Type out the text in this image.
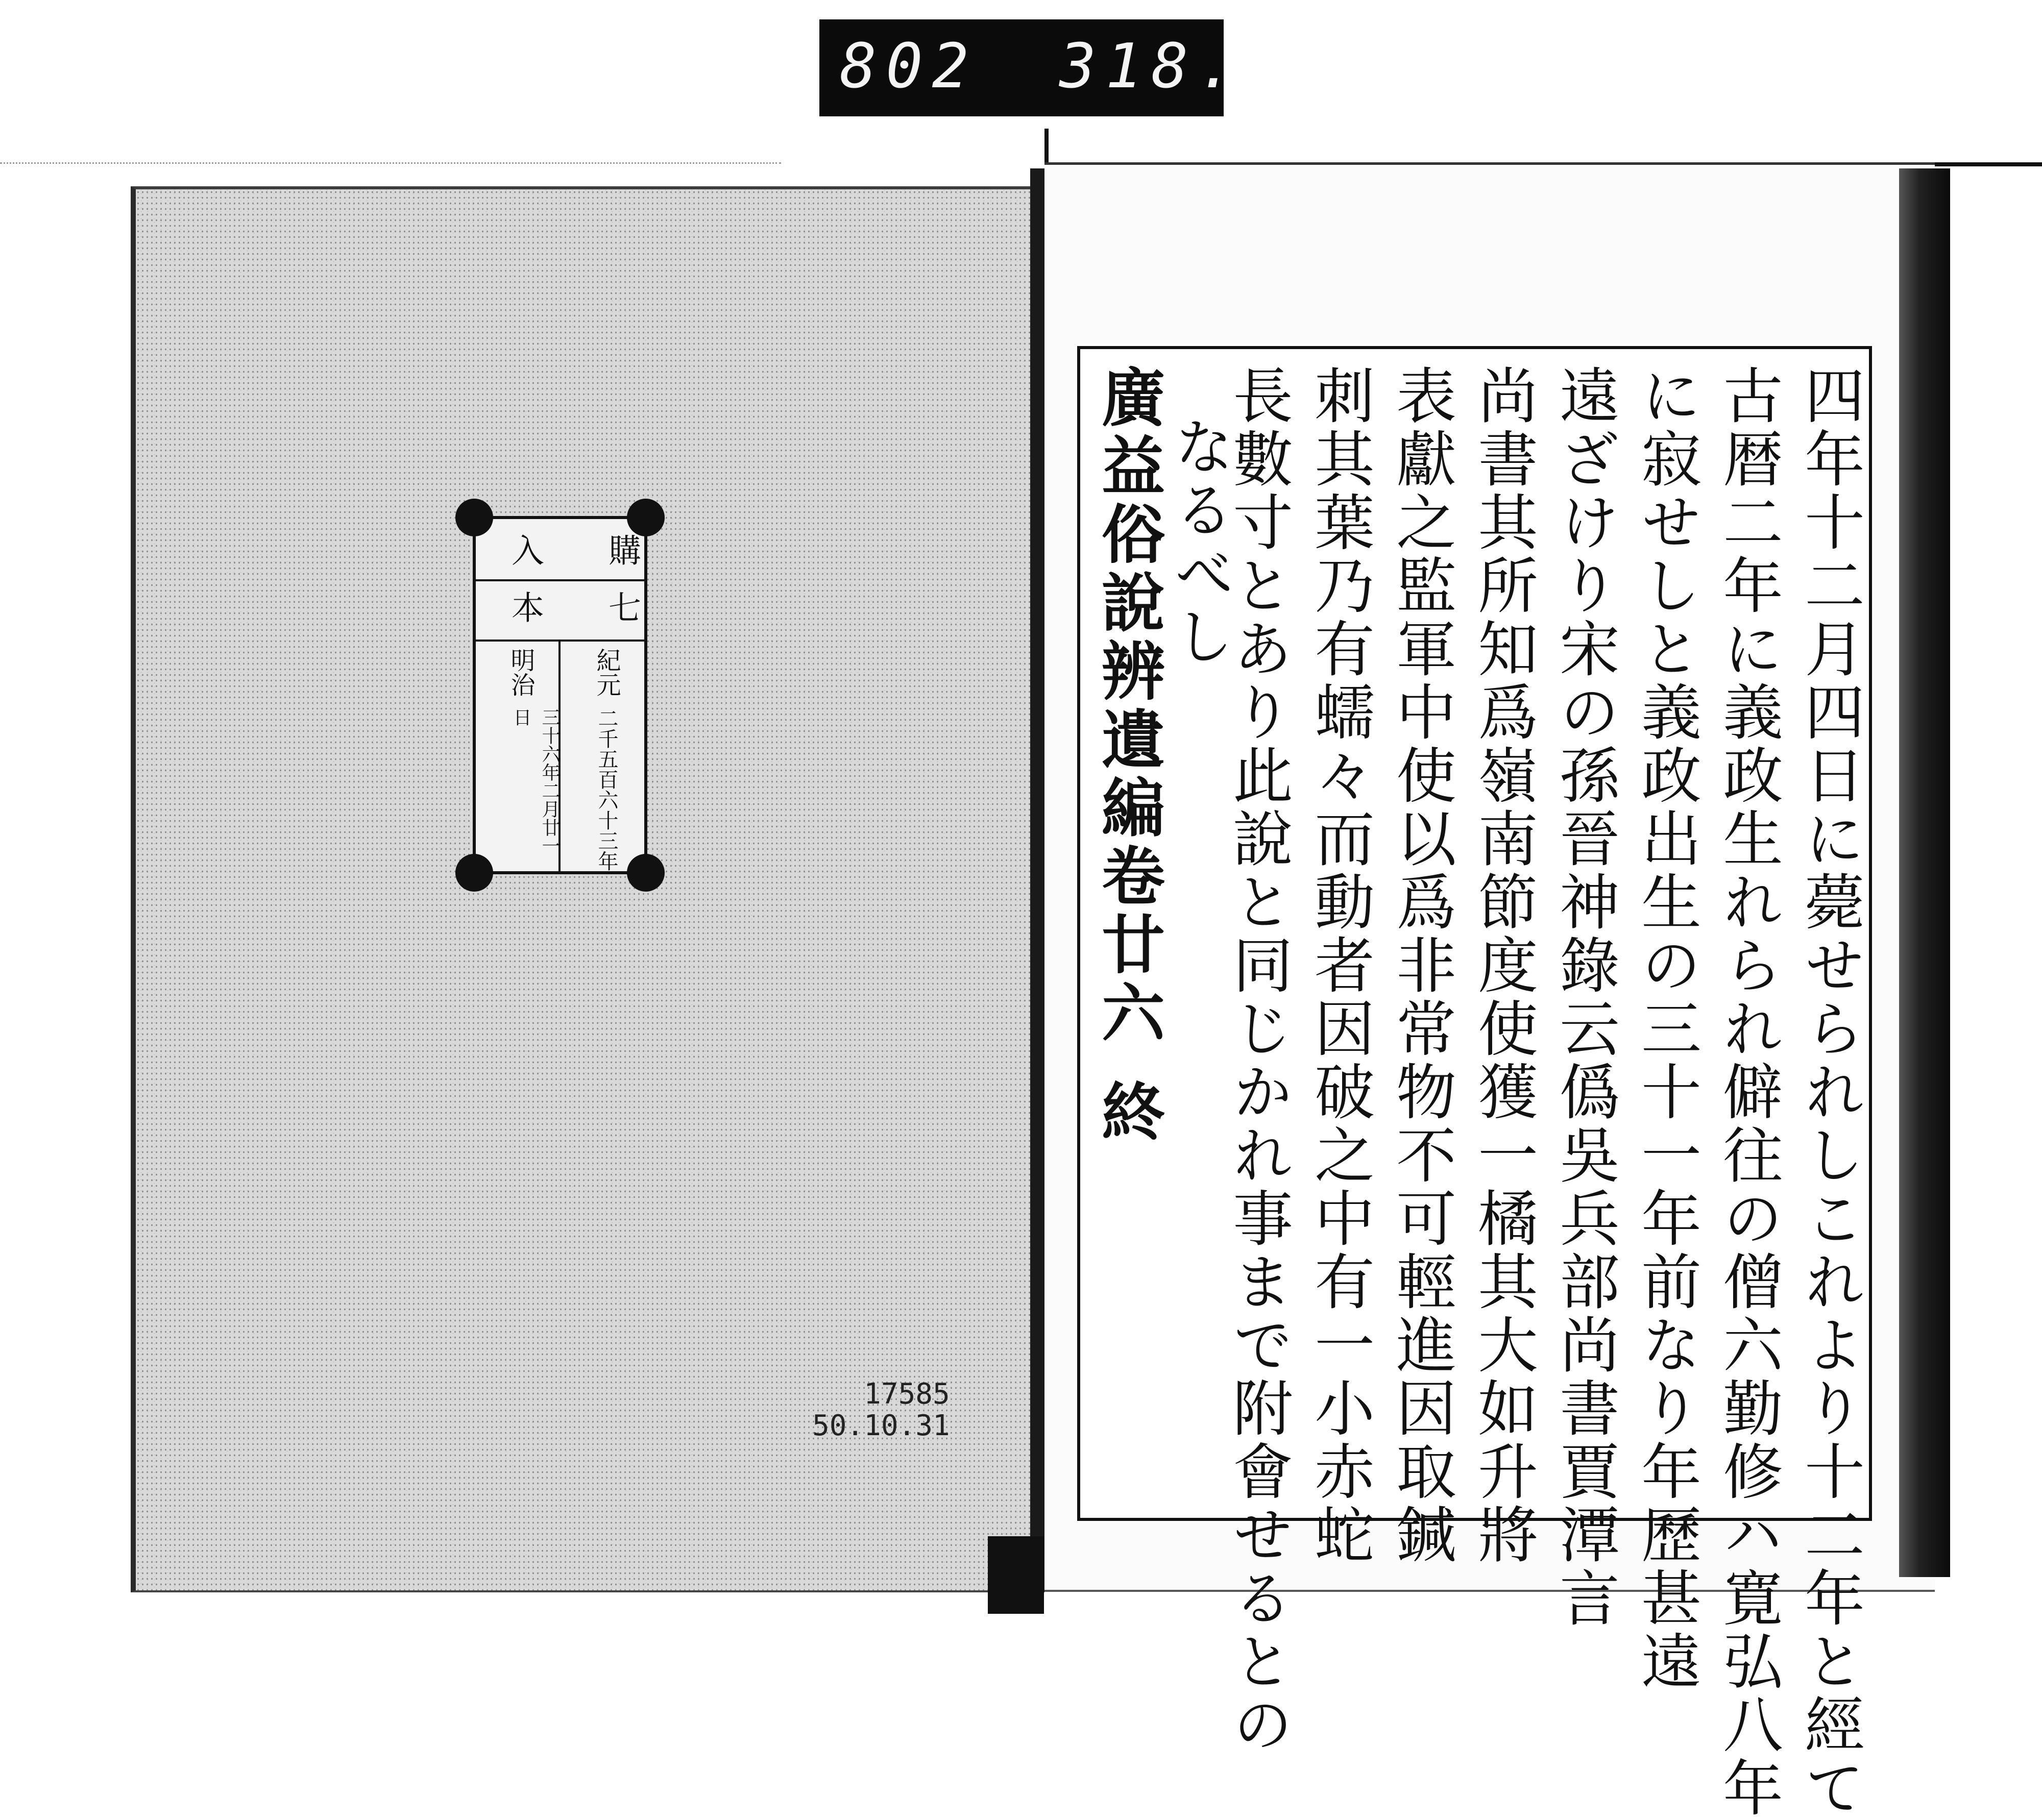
802 318.
購
入
本 七
紀元
二千五百六十三年
明治
三十六年二月廿一日
17585
50.10.31	四年十二月四日に薨せられしこれより十二年と經て
古暦二年に義政生れられ僻往の僧六勤修ハ寛弘八年
に寂せしと義政出生の三十一年前なり年歷甚遠
遠ざけり宋の孫晉神錄云僞吳兵部尚書賈潭言
尚書其所知爲嶺南節度使獲一橘其大如升將
表獻之監軍中使以爲非常物不可輕進因取鍼
刺其葉乃有蠕々而動者因破之中有一小赤蛇
長數寸とあり此說と同じかれ事まで附會せるとの
なるべし
廣益俗說辨遺編卷廿六終
